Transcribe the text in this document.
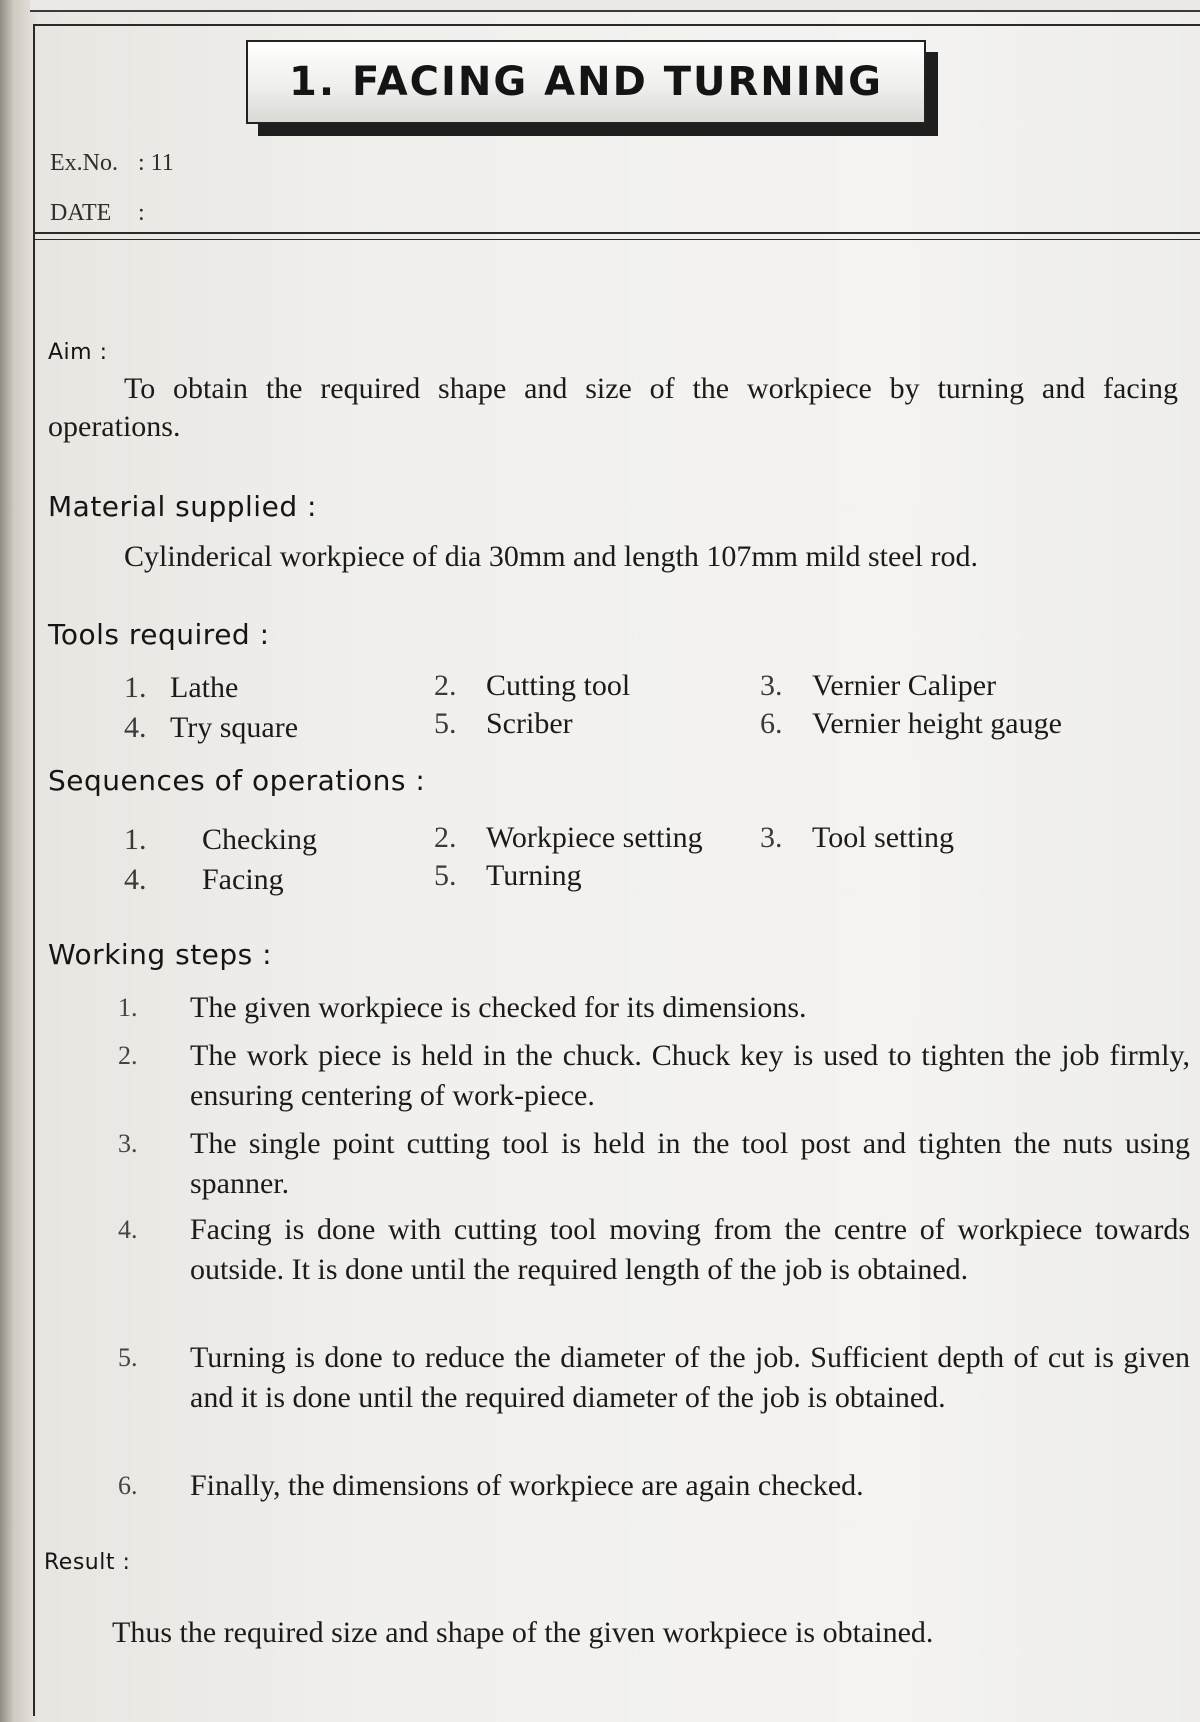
1. FACING AND TURNING
Ex.No. : 11
DATE :
Aim :
To obtain the required shape and size of the workpiece by turning and facing operations.
Material supplied :
Cylinderical workpiece of dia 30mm and length 107mm mild steel rod.
Tools required :
1. Lathe	2. Cutting tool	3. Vernier Caliper
4. Try square	5. Scriber	6. Vernier height gauge
Sequences of operations :
1. Checking	2. Workpiece setting 3. Tool setting
4. Facing	5. Turning
Working steps :
1.	The given workpiece is checked for its dimensions.
2.	The work piece is held in the chuck. Chuck key is used to tighten the job firmly, ensuring centering of work-piece.
3.	The single point cutting tool is held in the tool post and tighten the nuts using spanner.
4.	Facing is done with cutting tool moving from the centre of workpiece towards outside. It is done until the required length of the job is obtained.
5.	Turning is done to reduce the diameter of the job. Sufficient depth of cut is given and it is done until the required diameter of the job is obtained.
6.	Finally, the dimensions of workpiece are again checked.
Result :
Thus the required size and shape of the given workpiece is obtained.
